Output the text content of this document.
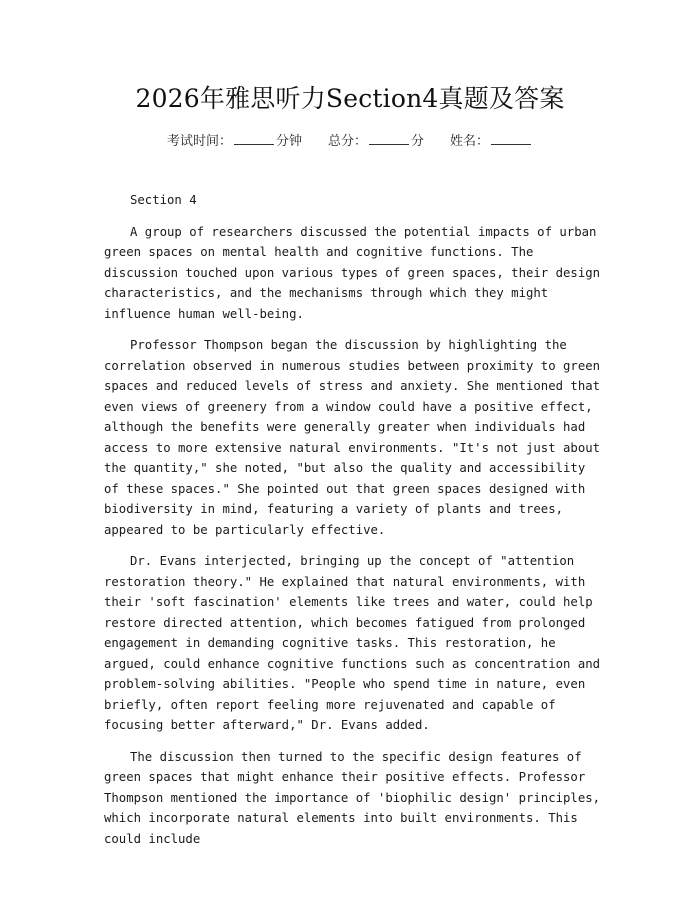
2026年雅思听力Section4真题及答案
考试时间：	分钟 总分：	分 姓名：
Section 4

A group of researchers discussed the potential impacts of urban green spaces on mental health and cognitive functions. The discussion touched upon various types of green spaces, their design characteristics, and the mechanisms through which they might influence human well-being.

Professor Thompson began the discussion by highlighting the correlation observed in numerous studies between proximity to green spaces and reduced levels of stress and anxiety. She mentioned that even views of greenery from a window could have a positive effect, although the benefits were generally greater when individuals had access to more extensive natural environments. "It's not just about the quantity," she noted, "but also the quality and accessibility of these spaces." She pointed out that green spaces designed with biodiversity in mind, featuring a variety of plants and trees, appeared to be particularly effective.

Dr. Evans interjected, bringing up the concept of "attention restoration theory." He explained that natural environments, with their 'soft fascination' elements like trees and water, could help restore directed attention, which becomes fatigued from prolonged engagement in demanding cognitive tasks. This restoration, he argued, could enhance cognitive functions such as concentration and problem-solving abilities. "People who spend time in nature, even briefly, often report feeling more rejuvenated and capable of focusing better afterward," Dr. Evans added.

The discussion then turned to the specific design features of green spaces that might enhance their positive effects. Professor Thompson mentioned the importance of 'biophilic design' principles, which incorporate natural elements into built environments. This could include
